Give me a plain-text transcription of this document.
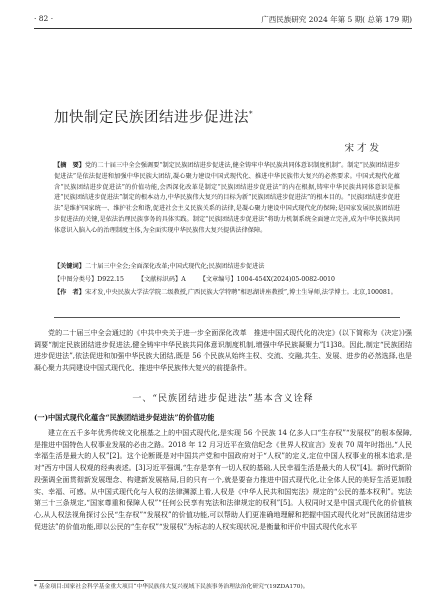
· 82 ·	广西民族研究 2024 年第 5 期( 总第 179 期)
加快制定民族团结进步促进法*
宋才发

【摘　要】党的二十届三中全会强调要“制定民族团结进步促进法,健全铸牢中华民族共同体意识制度机制”。制定“民族团结进步促进法”是依法促进和加强中华民族大团结,凝心聚力建设中国式现代化、推进中华民族伟大复兴的必然要求。中国式现代化蕴含“民族团结进步促进法”的价值功能,会西深化改革是制定“民族团结进步促进法”的内在根据,铸牢中华民族共同体意识是推进“民族团结进步促进法”制定的根本动力,中华民族伟大复兴的目标为新“民族团结进步促进法”的根本目的。“民族团结进步促进法”是维护国家统一、维护社会和谐,促进社会主义民族关系的法律,是凝心聚力建设中国式现代化的保障;是国家发展民族团结进步促进法的关键,是依法治理民族事务的具体实践。制定“民族团结进步促进法”将助力机制系统全面建立完善,成为中华民族共同体意识入脑入心的治理制度主体,为全面实现中华民族伟大复兴提供法律保障。

【关键词】二十届三中全会;全面深化改革;中国式现代化;民族团结进步促进法
【中图分类号】D922.15 【文献标识码】A 【文章编号】1004-454X(2024)05-0082-0010

【作　者】宋才发,中央民族大学法学院二级教授,广西民族大学特聘“相思湖讲座教授”,博士生导师,法学博士。北京,100081。

党的二十届三中全会通过的《中共中央关于进一步全面深化改革　推进中国式现代化的决定》(以下简称为《决定》)强调要“制定民族团结进步促进法,健全铸牢中华民族共同体意识制度机制,增强中华民族凝聚力”[1]38。因此,制定“民族团结进步促进法”,依法促进和加强中华民族大团结,既是 56 个民族从始终主权、交流、交融,共生、发展、进步的必然选择,也是凝心聚力共同建设中国式现代化、推进中华民族伟大复兴的前提条件。

一、“民族团结进步促进法”基本含义诠释
(一)中国式现代化蕴含“民族团结进步促进法”的价值功能

建立在五千多年优秀传统文化根基之上的中国式现代化,是实现 56 个民族 14 亿多人口“生存权”“发展权”的根本保障,是推进中国特色人权事业发展的必由之路。2018 年 12 月习近平在致信纪念《世界人权宣言》发表 70 周年时指出,“人民幸福生活是最大的人权”[2]。这个论断既是对中国共产党和中国政府对于“人权”的定义,定位中国人权事业的根本追求,是对“西方中国人权观的经典表述。[3]习近平强调,“生存是享有一切人权的基础,人民幸福生活是最大的人权”[4]。新时代新阶段强调全面贯彻新发展理念、构建新发展格局,目的只有一个,就是要奋力推进中国式现代化,让全体人民的美好生活更加殷实、幸福、可感。从中国式现代化与人权的法律渊源上看,人权是《中华人民共和国宪法》规定的“公民的基本权利”。宪法第三十三条规定,“国家尊重和保障人权”“任何公民享有宪法和法律规定的权利”[5]。人权同时又是中国式现代化的价值核心,从人权法视角探讨公民“生存权”“发展权”的价值功能,可以帮助人们更准确地理解和把握中国式现代化对“民族团结进步促进法”的价值功能,即以公民的“生存权”“发展权”为标志的人权实现状况,是衡量和评价中国式现代化水平

* 基金项目:国家社会科学基金重大项目“中华民族伟大复兴视域下民族事务治理法治化研究”(19ZDA170)。
